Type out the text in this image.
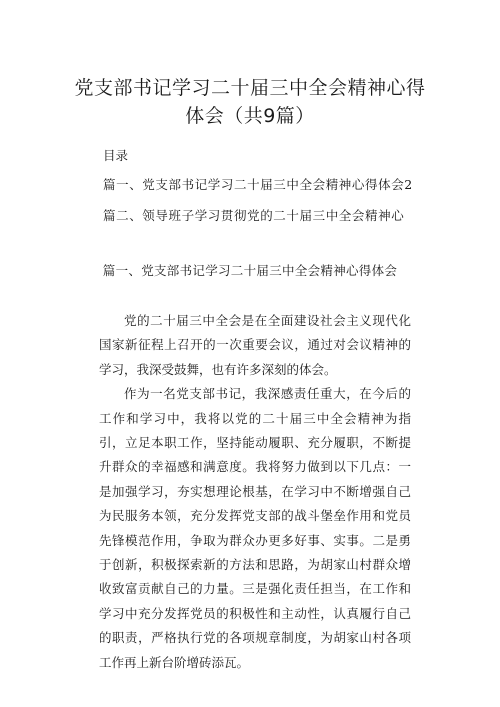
党支部书记学习二十届三中全会精神心得
体会（共9篇）
目录
篇一、党支部书记学习二十届三中全会精神心得体会2
篇二、领导班子学习贯彻党的二十届三中全会精神心
篇一、党支部书记学习二十届三中全会精神心得体会

党的二十届三中全会是在全面建设社会主义现代化国家新征程上召开的一次重要会议，通过对会议精神的学习，我深受鼓舞，也有许多深刻的体会。

作为一名党支部书记，我深感责任重大，在今后的工作和学习中，我将以党的二十届三中全会精神为指引，立足本职工作，坚持能动履职、充分履职，不断提升群众的幸福感和满意度。我将努力做到以下几点：一是加强学习，夯实想理论根基，在学习中不断增强自己为民服务本领，充分发挥党支部的战斗堡垒作用和党员先锋模范作用，争取为群众办更多好事、实事。二是勇于创新，积极探索新的方法和思路，为胡家山村群众增收致富贡献自己的力量。三是强化责任担当，在工作和学习中充分发挥党员的积极性和主动性，认真履行自己的职责，严格执行党的各项规章制度，为胡家山村各项工作再上新台阶增砖添瓦。
